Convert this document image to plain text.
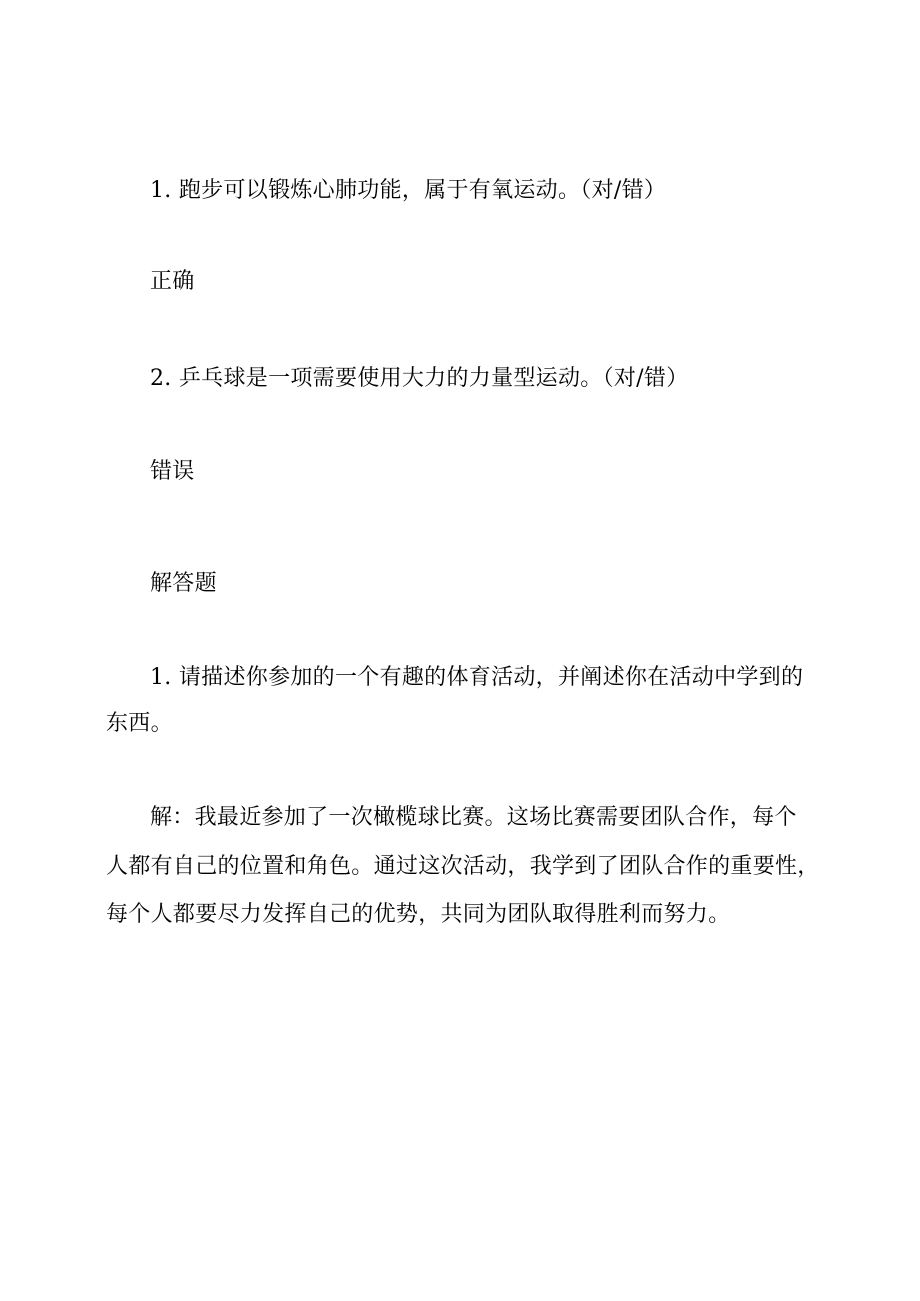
1. 跑步可以锻炼心肺功能，属于有氧运动。（对/错）
正确
2. 乒乓球是一项需要使用大力的力量型运动。（对/错）
错误
解答题
1. 请描述你参加的一个有趣的体育活动，并阐述你在活动中学到的
东西。
解：我最近参加了一次橄榄球比赛。这场比赛需要团队合作，每个
人都有自己的位置和角色。通过这次活动，我学到了团队合作的重要性，
每个人都要尽力发挥自己的优势，共同为团队取得胜利而努力。
